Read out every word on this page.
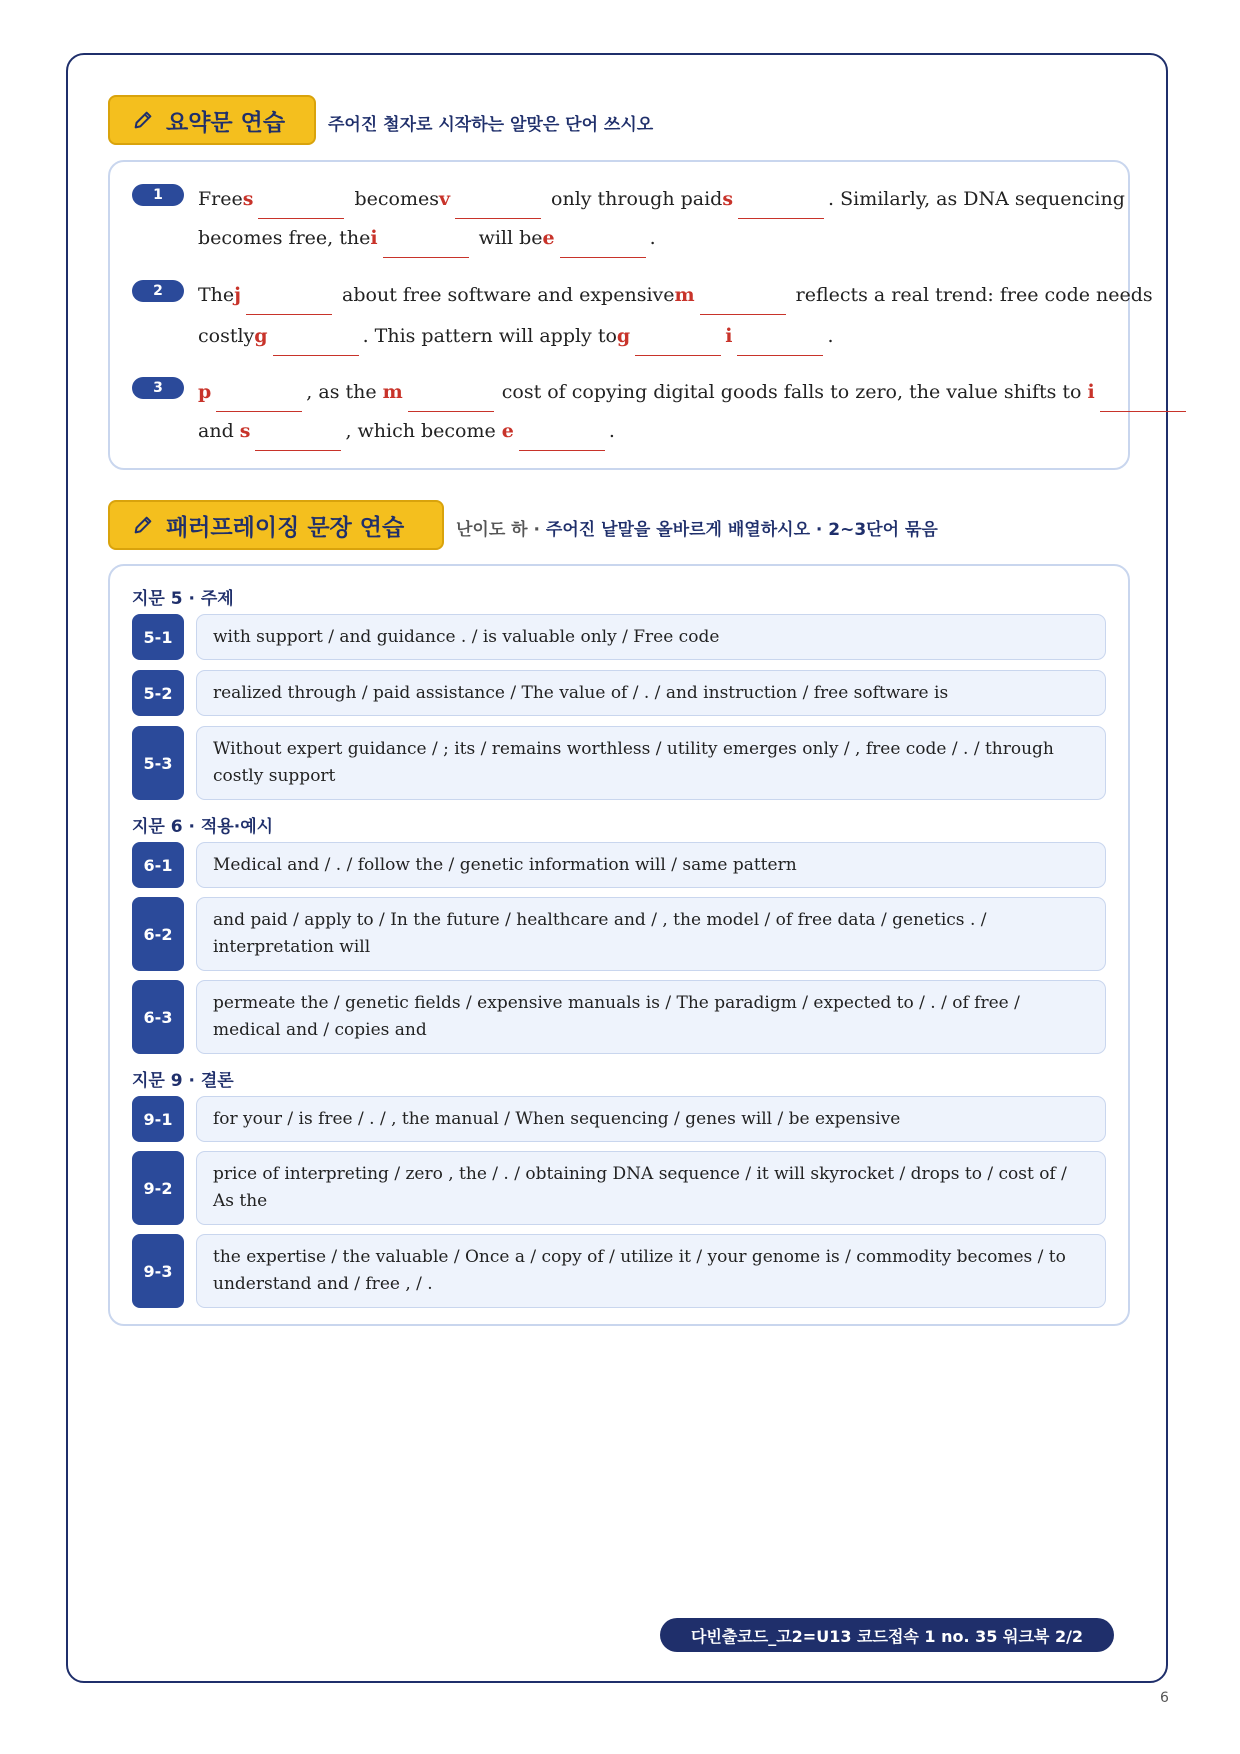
요약문 연습	주어진 철자로 시작하는 알맞은 단어 쓰시오
1	Free s	becomes v	only through paid s	. Similarly, as DNA sequencing
becomes free, the i	will be e	.
2	The j	about free software and expensive m	reflects a real trend: free code needs
costly g	. This pattern will apply to g	i	.
3	p	, as the m	cost of copying digital goods falls to zero, the value shifts to i
and s	, which become e	.
패러프레이징 문장 연습	난이도 하 · 주어진 낱말을 올바르게 배열하시오 · 2~3단어 묶음
지문 5 · 주제
5-1	with support / and guidance . / is valuable only / Free code
5-2	realized through / paid assistance / The value of / . / and instruction / free software is
5-3
Without expert guidance / ; its / remains worthless / utility emerges only / , free code / . / through costly support
지문 6 · 적용·예시
6-1	Medical and / . / follow the / genetic information will / same pattern
6-2
and paid / apply to / In the future / healthcare and / , the model / of free data / genetics . / interpretation will
6-3
permeate the / genetic fields / expensive manuals is / The paradigm / expected to / . / of free / medical and / copies and
지문 9 · 결론
9-1	for your / is free / . / , the manual / When sequencing / genes will / be expensive
9-2
price of interpreting / zero , the / . / obtaining DNA sequence / it will skyrocket / drops to / cost of / As the
9-3
the expertise / the valuable / Once a / copy of / utilize it / your genome is / commodity becomes / to understand and / free , / .
다빈출코드_고2=U13 코드접속 1 no. 35 워크북 2/2
6
